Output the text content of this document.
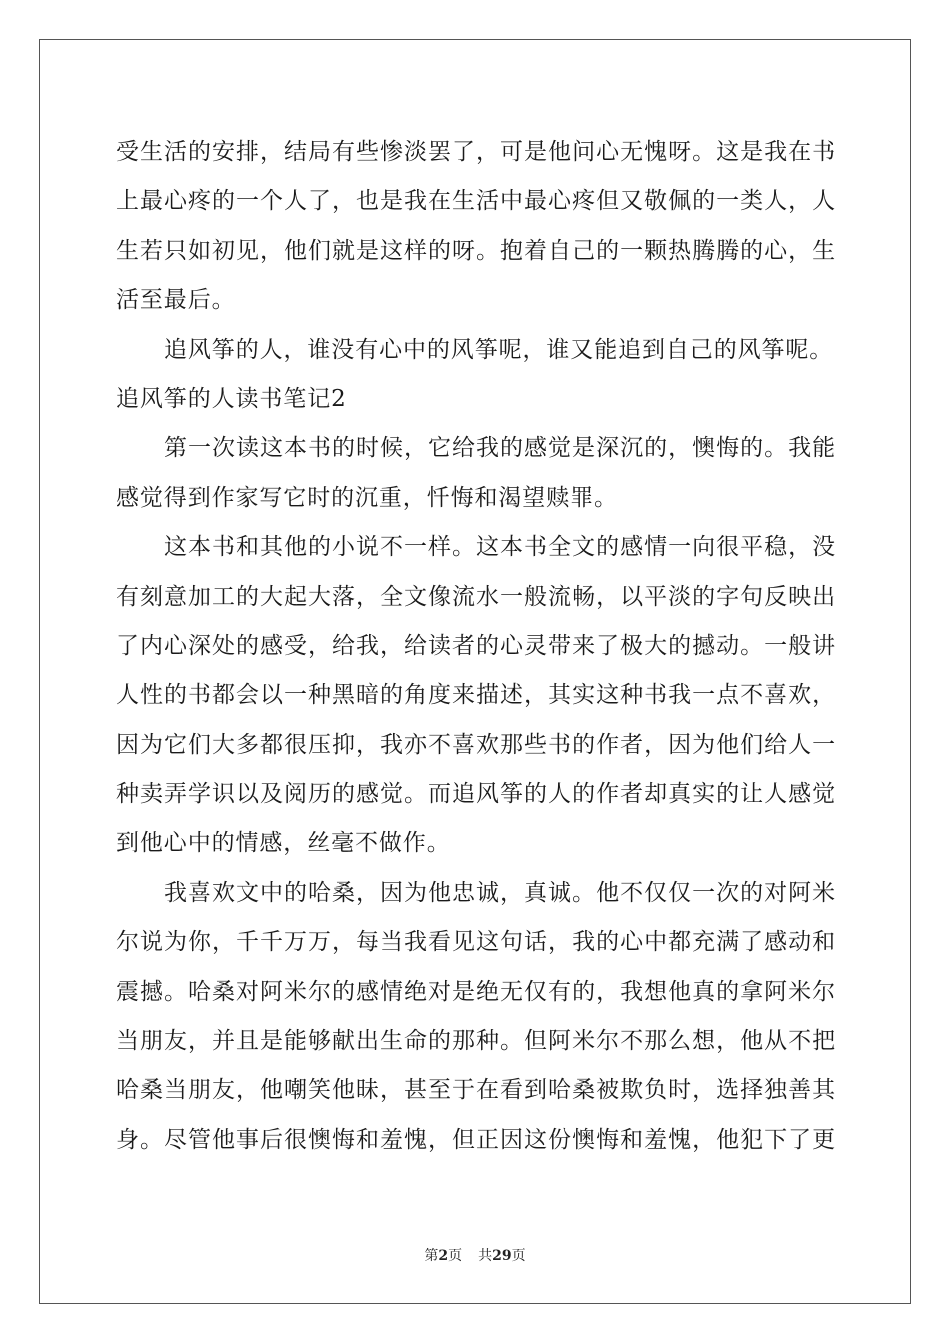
受生活的安排，结局有些惨淡罢了，可是他问心无愧呀。这是我在书
上最心疼的一个人了，也是我在生活中最心疼但又敬佩的一类人，人
生若只如初见，他们就是这样的呀。抱着自己的一颗热腾腾的心，生
活至最后。
追风筝的人，谁没有心中的风筝呢，谁又能追到自己的风筝呢。
追风筝的人读书笔记2
第一次读这本书的时候，它给我的感觉是深沉的，懊悔的。我能
感觉得到作家写它时的沉重，忏悔和渴望赎罪。
这本书和其他的小说不一样。这本书全文的感情一向很平稳，没
有刻意加工的大起大落，全文像流水一般流畅，以平淡的字句反映出
了内心深处的感受，给我，给读者的心灵带来了极大的撼动。一般讲
人性的书都会以一种黑暗的角度来描述，其实这种书我一点不喜欢，
因为它们大多都很压抑，我亦不喜欢那些书的作者，因为他们给人一
种卖弄学识以及阅历的感觉。而追风筝的人的作者却真实的让人感觉
到他心中的情感，丝毫不做作。
我喜欢文中的哈桑，因为他忠诚，真诚。他不仅仅一次的对阿米
尔说为你，千千万万，每当我看见这句话，我的心中都充满了感动和
震撼。哈桑对阿米尔的感情绝对是绝无仅有的，我想他真的拿阿米尔
当朋友，并且是能够献出生命的那种。但阿米尔不那么想，他从不把
哈桑当朋友，他嘲笑他昧，甚至于在看到哈桑被欺负时，选择独善其
身。尽管他事后很懊悔和羞愧，但正因这份懊悔和羞愧，他犯下了更
第2页 共29页
